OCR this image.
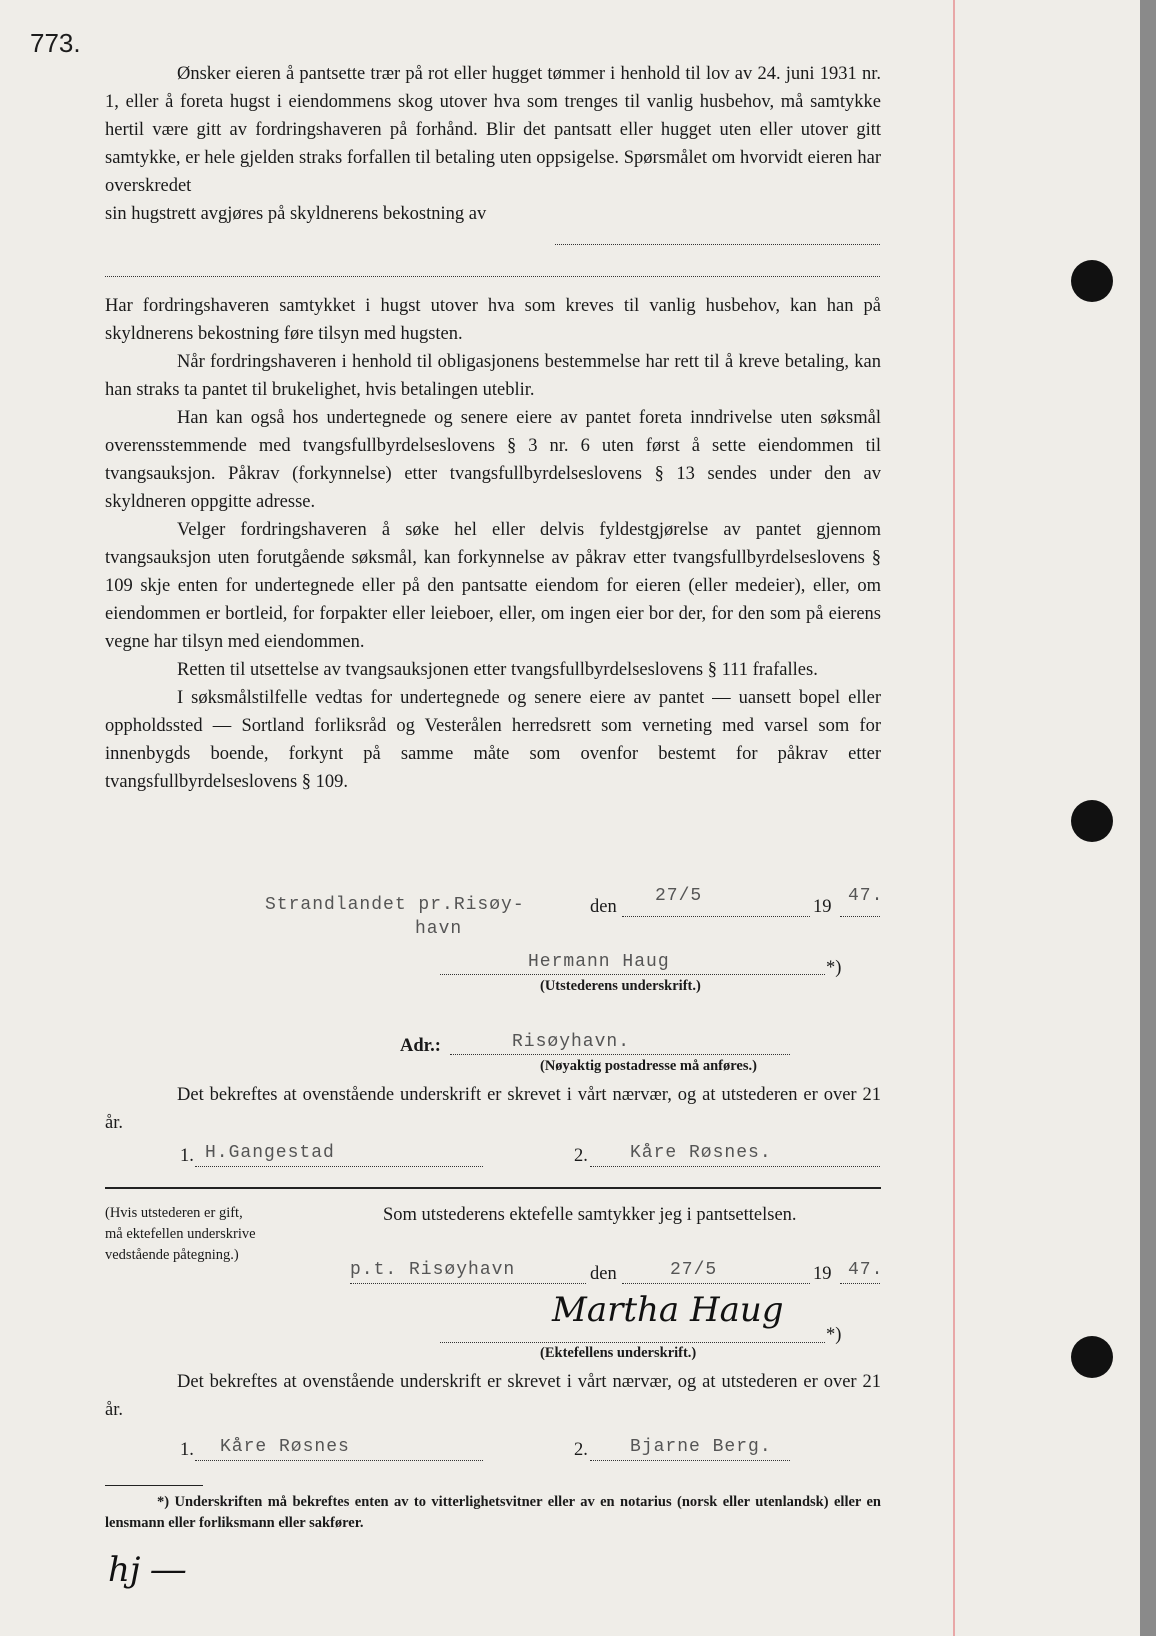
773.

Ønsker eieren å pantsette trær på rot eller hugget tømmer i henhold til lov av 24. juni 1931 nr. 1, eller å foreta hugst i eiendommens skog utover hva som trenges til vanlig husbehov, må samtykke hertil være gitt av fordringshaveren på forhånd. Blir det pantsatt eller hugget uten eller utover gitt samtykke, er hele gjelden straks forfallen til betaling uten oppsigelse. Spørsmålet om hvorvidt eieren har overskredet

sin hugstrett avgjøres på skyldnerens bekostning av

Har fordringshaveren samtykket i hugst utover hva som kreves til vanlig husbehov, kan han på skyldnerens bekostning føre tilsyn med hugsten.

Når fordringshaveren i henhold til obligasjonens bestemmelse har rett til å kreve betaling, kan han straks ta pantet til brukelighet, hvis betalingen uteblir.

Han kan også hos undertegnede og senere eiere av pantet foreta inndrivelse uten søksmål overensstemmende med tvangsfullbyrdelseslovens § 3 nr. 6 uten først å sette eiendommen til tvangsauksjon. Påkrav (forkynnelse) etter tvangsfullbyrdelseslovens § 13 sendes under den av skyldneren oppgitte adresse.

Velger fordringshaveren å søke hel eller delvis fyldestgjørelse av pantet gjennom tvangsauksjon uten forutgående søksmål, kan forkynnelse av påkrav etter tvangsfullbyrdelseslovens § 109 skje enten for undertegnede eller på den pantsatte eiendom for eieren (eller medeier), eller, om eiendommen er bortleid, for forpakter eller leieboer, eller, om ingen eier bor der, for den som på eierens vegne har tilsyn med eiendommen.

Retten til utsettelse av tvangsauksjonen etter tvangsfullbyrdelseslovens § 111 frafalles.

I søksmålstilfelle vedtas for undertegnede og senere eiere av pantet — uansett bopel eller oppholdssted — Sortland forliksråd og Vesterålen herredsrett som verneting med varsel som for innenbygds boende, forkynt på samme måte som ovenfor bestemt for påkrav etter tvangsfullbyrdelseslovens § 109.

Strandlandet pr.Risøy-
havn
den
27/5
19
47.
Hermann Haug	*)
(Utstederens underskrift.)
Adr.:	Risøyhavn.
(Nøyaktig postadresse må anføres.)

Det bekreftes at ovenstående underskrift er skrevet i vårt nærvær, og at utstederen er over 21 år.

1. H.Gangestad	2. Kåre Røsnes.
(Hvis utstederen er gift,
må ektefellen underskrive
vedstående påtegning.)
Som utstederens ektefelle samtykker jeg i pantsettelsen.
p.t. Risøyhavn	den	27/5	19 47.
Martha Haug
*)
(Ektefellens underskrift.)

Det bekreftes at ovenstående underskrift er skrevet i vårt nærvær, og at utstederen er over 21 år.

1. Kåre Røsnes	2. Bjarne Berg.
*) Underskriften må bekreftes enten av to vitterlighetsvitner eller av en notarius (norsk eller utenlandsk) eller en lensmann eller forliksmann eller sakfører.
hj ―
